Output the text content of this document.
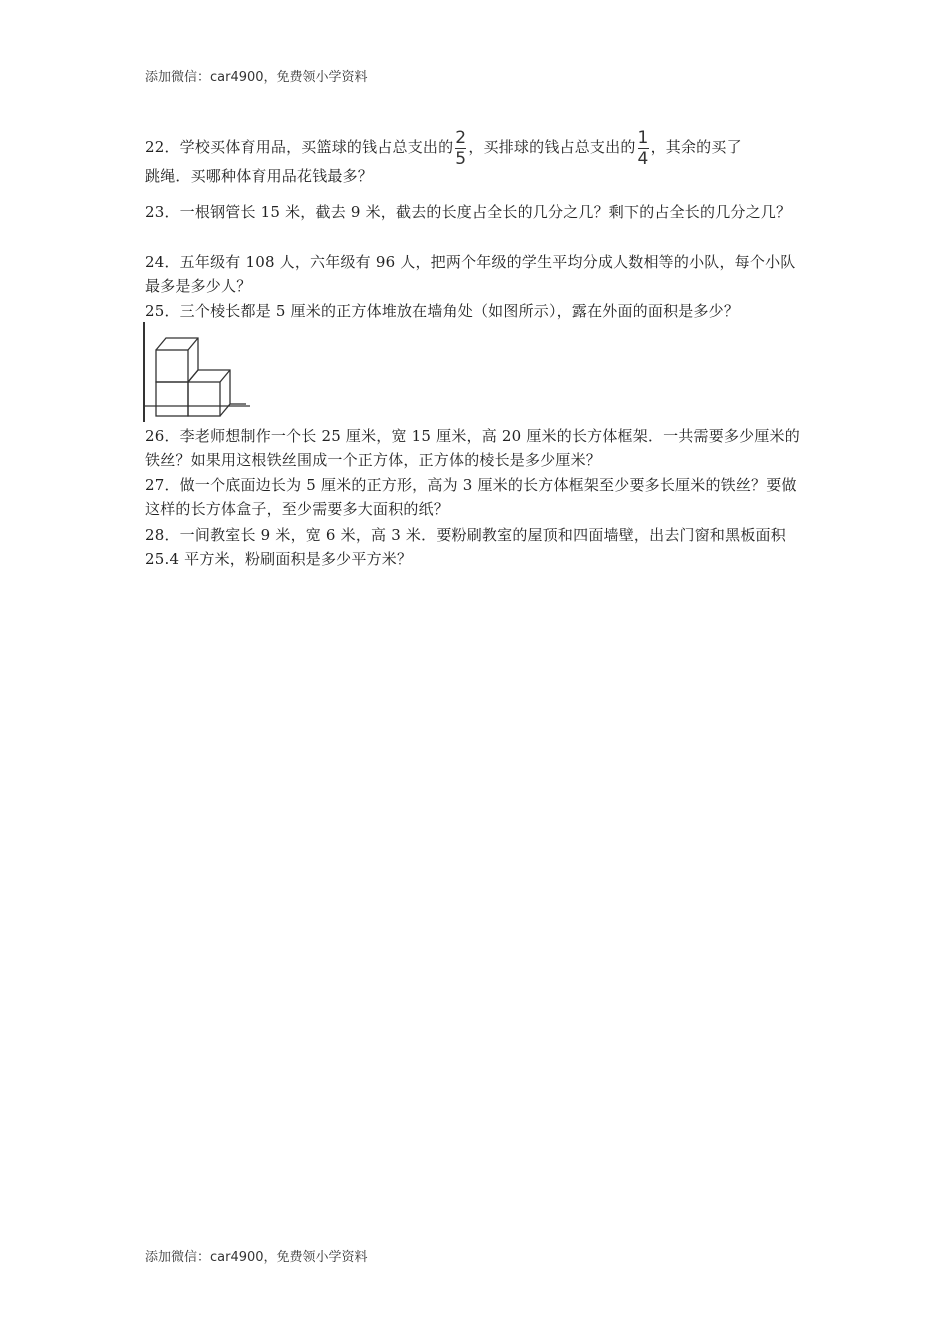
添加微信：car4900，免费领小学资料
22．学校买体育用品，买篮球的钱占总支出的 $\frac{2}{5}$ ，买排球的钱占总支出的 $\frac{1}{4}$ ，其余的买了
跳绳．买哪种体育用品花钱最多？
23．一根钢管长 15 米，截去 9 米，截去的长度占全长的几分之几？剩下的占全长的几分之几？
24．五年级有 108 人，六年级有 96 人，把两个年级的学生平均分成人数相等的小队，每个小队最多是多少人？
25．三个棱长都是 5 厘米的正方体堆放在墙角处（如图所示），露在外面的面积是多少？
26．李老师想制作一个长 25 厘米，宽 15 厘米，高 20 厘米的长方体框架．一共需要多少厘米的铁丝？如果用这根铁丝围成一个正方体，正方体的棱长是多少厘米？
27．做一个底面边长为 5 厘米的正方形，高为 3 厘米的长方体框架至少要多长厘米的铁丝？要做这样的长方体盒子，至少需要多大面积的纸？
28．一间教室长 9 米，宽 6 米，高 3 米．要粉刷教室的屋顶和四面墙壁，出去门窗和黑板面积 25.4 平方米，粉刷面积是多少平方米？
添加微信：car4900，免费领小学资料
